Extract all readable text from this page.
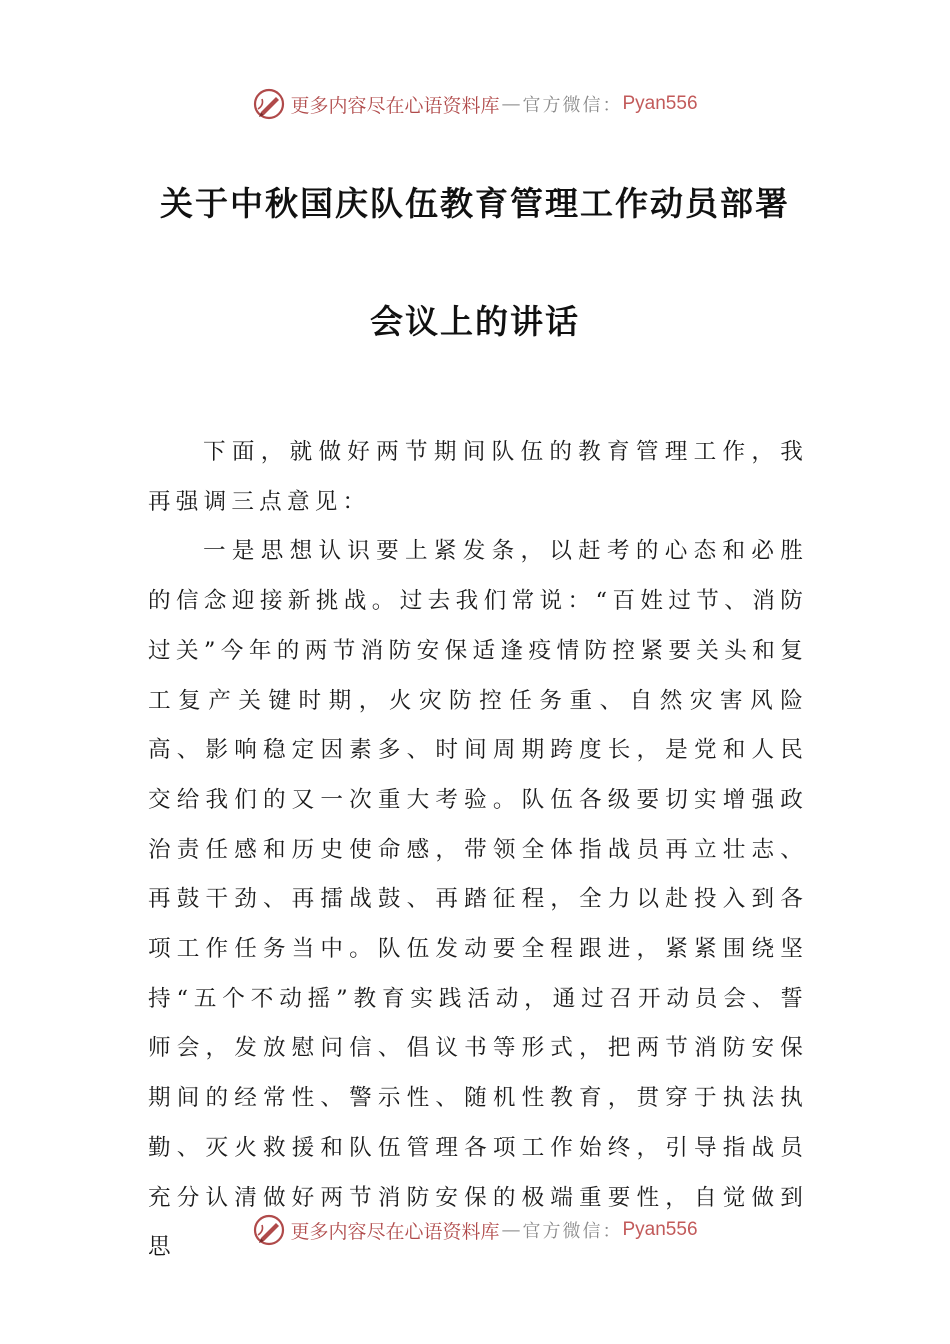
更多内容尽在心语资料库 — 官方微信： Pyan556
关于中秋国庆队伍教育管理工作动员部署
会议上的讲话

下面，就做好两节期间队伍的教育管理工作，我再强调三点意见：

一是思想认识要上紧发条，以赶考的心态和必胜的信念迎接新挑战。过去我们常说：“百姓过节、消防过关”今年的两节消防安保适逢疫情防控紧要关头和复工复产关键时期，火灾防控任务重、自然灾害风险高、影响稳定因素多、时间周期跨度长，是党和人民交给我们的又一次重大考验。队伍各级要切实增强政治责任感和历史使命感，带领全体指战员再立壮志、再鼓干劲、再擂战鼓、再踏征程，全力以赴投入到各项工作任务当中。队伍发动要全程跟进，紧紧围绕坚持“五个不动摇”教育实践活动，通过召开动员会、誓师会，发放慰问信、倡议书等形式，把两节消防安保期间的经常性、警示性、随机性教育，贯穿于执法执勤、灭火救援和队伍管理各项工作始终，引导指战员充分认清做好两节消防安保的极端重要性，自觉做到思

更多内容尽在心语资料库 — 官方微信： Pyan556
